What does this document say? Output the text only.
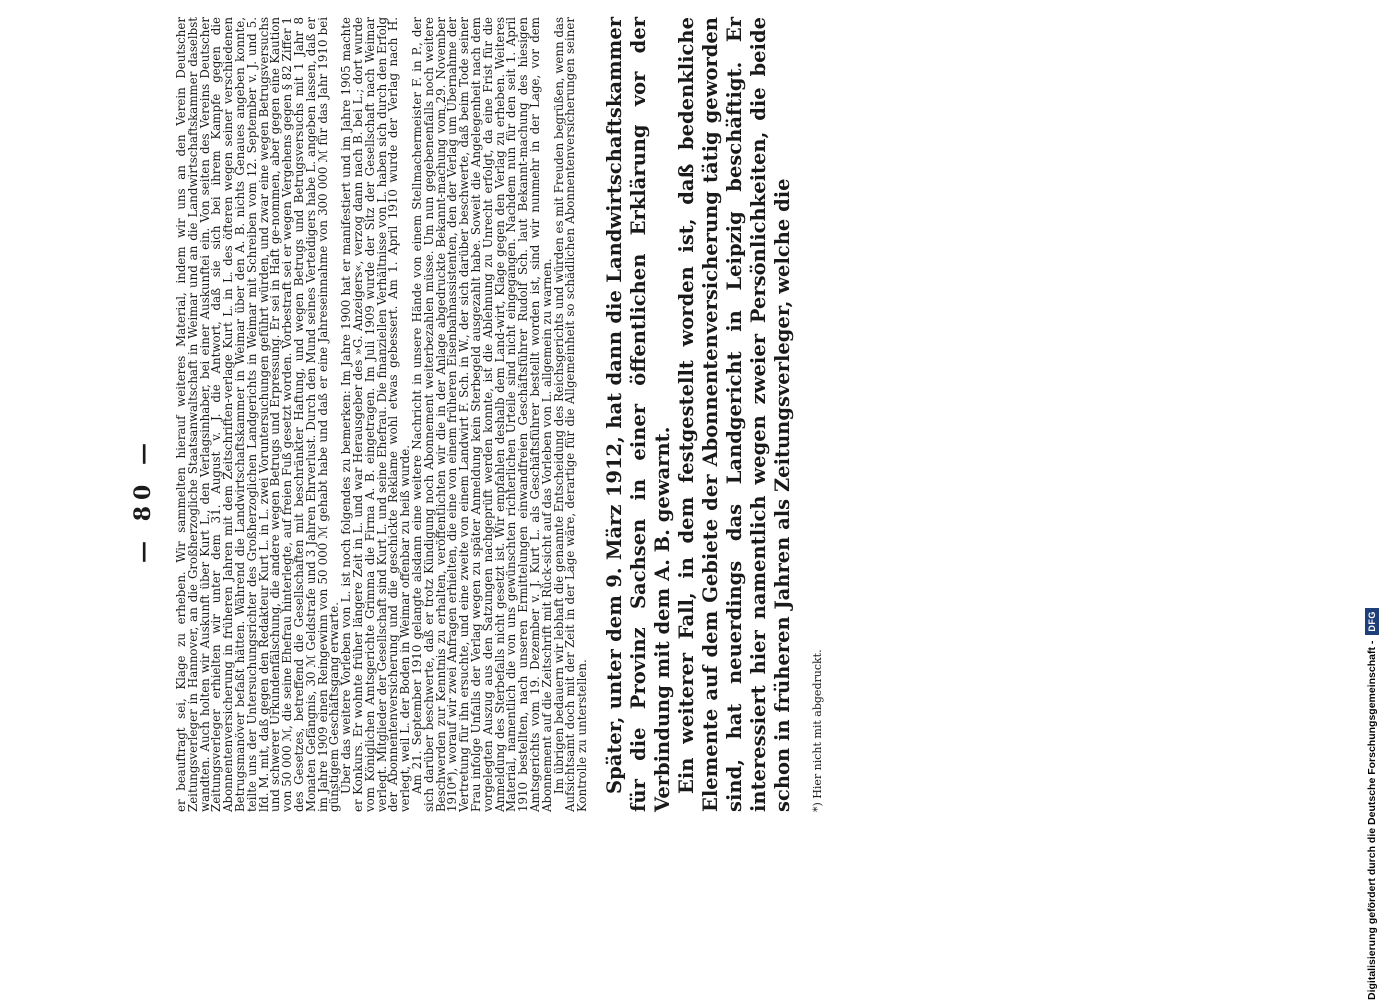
— 80 —	er beauftragt sei, Klage zu erheben. Wir sammelten hierauf weiteres Material, indem wir uns an den Verein Deutscher Zeitungsverleger in Hannover, an die Großherzogliche Staatsanwaltschaft in Weimar und an die Landwirtschaftskammer daselbst wandten. Auch holten wir Auskunft über Kurt L., den Verlagsinhaber, bei einer Auskunftei ein. Von seiten des Vereins Deutscher Zeitungsverleger erhielten wir unter dem 31. August v. J. die Antwort, daß sie sich bei ihrem Kampfe gegen die Abonnentenversicherung in früheren Jahren mit dem Zeitschriften-verlage Kurt L. in L. des öfteren wegen seiner verschiedenen Betrugsmanöver befaßt hätten. Während die Landwirtschaftskammer in Weimar über den A. B. nichts Genaues angeben konnte, teilte uns der Untersuchungsrichter des Großherzoglichen Landgerichts in Weimar mit Schreiben vom 12. September v. J. und 5. lfd. M. mit, daß gegen den Redakteur Kurt L. in L. zwei Voruntersuchungen geführt würden, und zwar eine wegen Betrugsversuchs und schwerer Urkundenfälschung, die andere wegen Betrugs und Erpressung. Er sei in Haft ge-nommen, aber gegen eine Kaution von 50 000 ℳ, die seine Ehefrau hinterlegte, auf freien Fuß gesetzt worden. Vorbestraft sei er wegen Vergehens gegen § 82 Ziffer 1 des Gesetzes, betreffend die Gesellschaften mit beschränkter Haftung, und wegen Betrugs und Betrugsversuchs mit 1 Jahr 8 Monaten Gefängnis, 30 ℳ Geldstrafe und 3 Jahren Ehrverlust. Durch den Mund seines Verteidigers habe L. angeben lassen, daß er im Jahre 1909 einen Reingewinn von 50 000 ℳ gehabt habe und daß er eine Jahreseinnahme von 300 000 ℳ für das Jahr 1910 bei günstigem Geschäftsgang erwarte.

Über das weitere Vorleben von L. ist noch folgendes zu bemerken: Im Jahre 1900 hat er manifestiert und im Jahre 1905 machte er Konkurs. Er wohnte früher längere Zeit in L. und war Herausgeber des »G. Anzeigers«, verzog dann nach B. bei L.; dort wurde vom Königlichen Amtsgerichte Grimma die Firma A. B. eingetragen. Im Juli 1909 wurde der Sitz der Gesellschaft nach Weimar verlegt. Mitglieder der Gesellschaft sind Kurt L. und seine Ehefrau. Die finanziellen Verhältnisse von L. haben sich durch den Erfolg der Abonnentenversicherung und die geschickte Reklame wohl etwas gebessert. Am 1. April 1910 wurde der Verlag nach H. verlegt, weil L. der Boden in Weimar offenbar zu heiß wurde.

Am 21. September 1910 gelangte alsdann eine weitere Nachricht in unsere Hände von einem Stellmachermeister F. in P., der sich darüber beschwerte, daß er trotz Kündigung noch Abonnement weiterbezahlen müsse. Um nun gegebenenfalls noch weitere Beschwerden zur Kenntnis zu erhalten, veröffentlichten wir die in der Anlage abgedruckte Bekannt-machung vom 29. November 1910*), worauf wir zwei Anfragen erhielten, die eine von einem früheren Eisenbahnassistenten, den der Verlag um Übernahme der Vertretung für ihn ersuchte, und eine zweite von einem Landwirt F. Sch. in W., der sich darüber beschwerte, daß beim Tode seiner Frau infolge Unfalls der Verlag wegen zu später Anmeldung kein Sterbegeld ausgezahlt habe. Soweit die Angelegenheit nach dem vorgelegten Auszug aus den Satzungen nachgeprüft werden konnte, ist die Ablehnung zu Unrecht erfolgt, da eine Frist für die Anmeldung des Sterbefalls nicht gesetzt ist. Wir empfahlen deshalb dem Land-wirt, Klage gegen den Verlag zu erheben. Weiteres Material, namentlich die von uns gewünschten richterlichen Urteile sind nicht eingegangen. Nachdem nun für den seit 1. April 1910 bestellten, nach unseren Ermittelungen einwandfreien Geschäftsführer Rudolf Sch. laut Bekannt-machung des hiesigen Amtsgerichts vom 19. Dezember v. J. Kurt L. als Geschäftsführer bestellt worden ist, sind wir nunmehr in der Lage, vor dem Abonnement auf die Zeitschrift mit Rück-sicht auf das Vorleben von L. allgemein zu warnen.

Im übrigen bedauern wir lebhaft die genannte Entscheidung des Reichsgerichts und würden es mit Freuden begrüßen, wenn das Aufsichtsamt doch mit der Zeit in der Lage wäre, derartige für die Allgemeinheit so schädlichen Abonnentenversicherungen seiner Kontrolle zu unterstellen. Später, unter dem 9. März 1912, hat dann die Landwirtschaftskammer für die Provinz Sachsen in einer öffentlichen Erklärung vor der Verbindung mit dem A. B. gewarnt. Ein weiterer Fall, in dem festgestellt worden ist, daß bedenkliche Elemente auf dem Gebiete der Abonnentenversicherung tätig geworden sind, hat neuerdings das Landgericht in Leipzig beschäftigt. Er interessiert hier namentlich wegen zweier Persönlichkeiten, die beide schon in früheren Jahren als Zeitungsverleger, welche die *) Hier nicht mit abgedruckt.	Digitalisierung gefördert durch die Deutsche Forschungsgemeinschaft -
DFG
